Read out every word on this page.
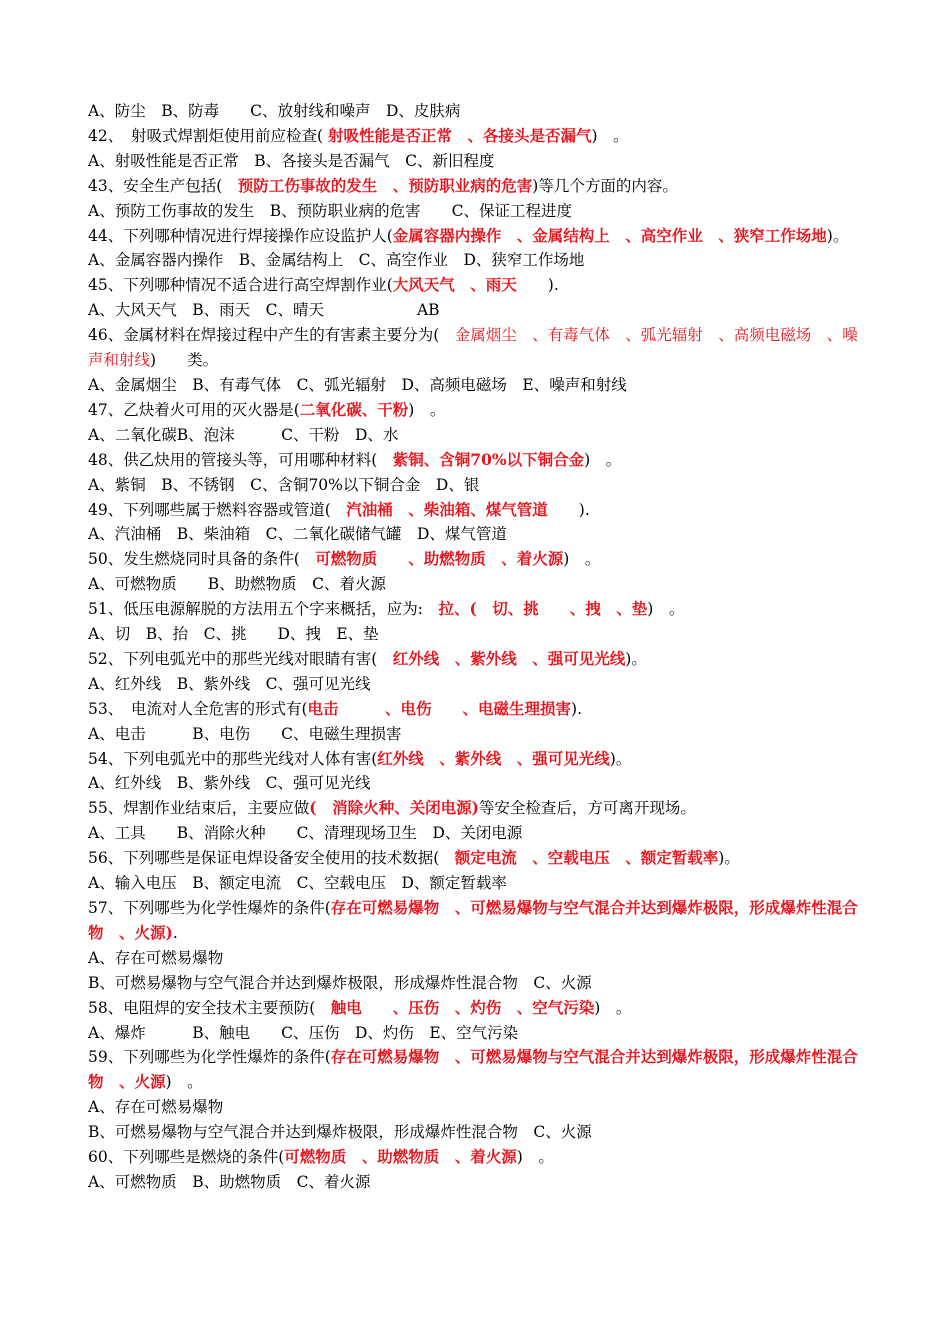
A、防尘　B、防毒　　C、放射线和噪声　D、皮肤病
42、　射吸式焊割炬使用前应检查( 射吸性能是否正常　、各接头是否漏气)　。
A、射吸性能是否正常　B、各接头是否漏气　C、新旧程度
43、安全生产包括(　预防工伤事故的发生　、预防职业病的危害)等几个方面的内容。
A、预防工伤事故的发生　B、预防职业病的危害　　C、保证工程进度
44、下列哪种情况进行焊接操作应设监护人(金属容器内操作　、金属结构上　、高空作业　、狭窄工作场地)。
A、金属容器内操作　B、金属结构上　C、高空作业　D、狭窄工作场地
45、下列哪种情况不适合进行高空焊割作业(大风天气　、雨天　　).　
A、大风天气　B、雨天　C、晴天　　　　　　AB
46、金属材料在焊接过程中产生的有害素主要分为(　金属烟尘　、有毒气体　、弧光辐射　、高频电磁场　、噪声和射线)　　类。
A、金属烟尘　B、有毒气体　C、弧光辐射　D、高频电磁场　E、噪声和射线
47、乙炔着火可用的灭火器是(二氧化碳、干粉)　。
A、二氧化碳B、泡沫　　　C、干粉　D、水
48、供乙炔用的管接头等，可用哪种材料(　紫铜、含铜70%以下铜合金)　。
A、紫铜　B、不锈钢　C、含铜70%以下铜合金　D、银
49、下列哪些属于燃料容器或管道(　汽油桶　、柴油箱、煤气管道　　).
A、汽油桶　B、柴油箱　C、二氧化碳储气罐　D、煤气管道
50、发生燃烧同时具备的条件(　可燃物质　　、助燃物质　、着火源)　。
A、可燃物质　　B、助燃物质　C、着火源
51、低压电源解脱的方法用五个字来概括，应为:　拉、(　切、挑　　、拽　、垫)　。
A、切　B、抬　C、挑　　D、拽　E、垫
52、下列电弧光中的那些光线对眼睛有害(　红外线　、紫外线　、强可见光线)。
A、红外线　B、紫外线　C、强可见光线
53、　电流对人全危害的形式有(电击　　　、电伤　　、电磁生理损害).
A、电击　　　B、电伤　　C、电磁生理损害
54、下列电弧光中的那些光线对人体有害(红外线　、紫外线　、强可见光线)。
A、红外线　B、紫外线　C、强可见光线
55、焊割作业结束后，主要应做(　消除火种、关闭电源)等安全检查后，方可离开现场。
A、工具　　B、消除火种　　C、清理现场卫生　D、关闭电源
56、下列哪些是保证电焊设备安全使用的技术数据(　额定电流　、空载电压　、额定暂载率)。
A、输入电压　B、额定电流　C、空载电压　D、额定暂载率
57、下列哪些为化学性爆炸的条件(存在可燃易爆物　、可燃易爆物与空气混合并达到爆炸极限，形成爆炸性混合物　、火源).
A、存在可燃易爆物
B、可燃易爆物与空气混合并达到爆炸极限，形成爆炸性混合物　C、火源
58、电阻焊的安全技术主要预防(　触电　　、压伤　、灼伤　、空气污染)　。
A、爆炸　　　B、触电　　C、压伤　D、灼伤　E、空气污染
59、下列哪些为化学性爆炸的条件(存在可燃易爆物　、可燃易爆物与空气混合并达到爆炸极限，形成爆炸性混合物　、火源)　。
A、存在可燃易爆物
B、可燃易爆物与空气混合并达到爆炸极限，形成爆炸性混合物　C、火源
60、下列哪些是燃烧的条件(可燃物质　、助燃物质　、着火源)　。
A、可燃物质　B、助燃物质　C、着火源
